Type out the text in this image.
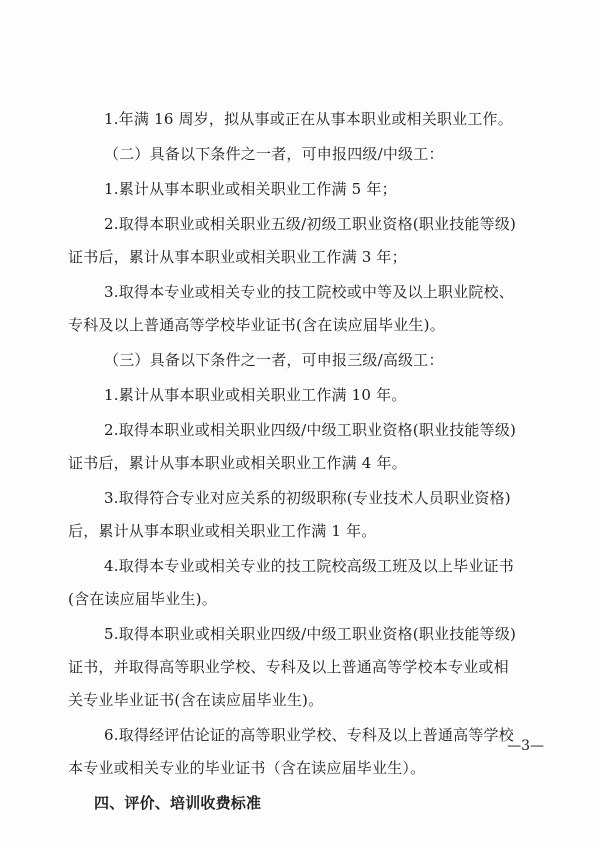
1.年满 16 周岁，拟从事或正在从事本职业或相关职业工作。
（二）具备以下条件之一者，可申报四级/中级工：
1.累计从事本职业或相关职业工作满 5 年；
2.取得本职业或相关职业五级/初级工职业资格(职业技能等级)
证书后，累计从事本职业或相关职业工作满 3 年；
3.取得本专业或相关专业的技工院校或中等及以上职业院校、
专科及以上普通高等学校毕业证书(含在读应届毕业生)。
（三）具备以下条件之一者，可申报三级/高级工：
1.累计从事本职业或相关职业工作满 10 年。
2.取得本职业或相关职业四级/中级工职业资格(职业技能等级)
证书后，累计从事本职业或相关职业工作满 4 年。
3.取得符合专业对应关系的初级职称(专业技术人员职业资格)
后，累计从事本职业或相关职业工作满 1 年。
4.取得本专业或相关专业的技工院校高级工班及以上毕业证书
(含在读应届毕业生)。
5.取得本职业或相关职业四级/中级工职业资格(职业技能等级)
证书，并取得高等职业学校、专科及以上普通高等学校本专业或相
关专业毕业证书(含在读应届毕业生)。
6.取得经评估论证的高等职业学校、专科及以上普通高等学校
本专业或相关专业的毕业证书（含在读应届毕业生）。
四、评价、培训收费标准
—3—
